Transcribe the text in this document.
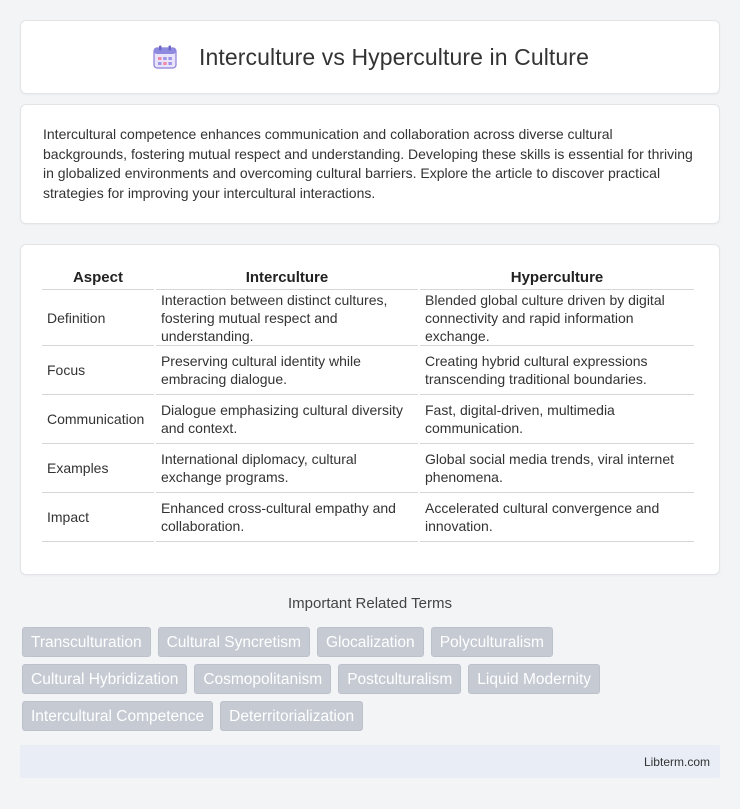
Interculture vs Hyperculture in Culture

Intercultural competence enhances communication and collaboration across diverse cultural backgrounds, fostering mutual respect and understanding. Developing these skills is essential for thriving in globalized environments and overcoming cultural barriers. Explore the article to discover practical strategies for improving your intercultural interactions.

Aspect	Interculture	Hyperculture
Definition	Interaction between distinct cultures, fostering mutual respect and understanding.	Blended global culture driven by digital connectivity and rapid information exchange.
Focus	Preserving cultural identity while embracing dialogue.	Creating hybrid cultural expressions transcending traditional boundaries.
Communication	Dialogue emphasizing cultural diversity and context.	Fast, digital-driven, multimedia communication.
Examples	International diplomacy, cultural exchange programs.	Global social media trends, viral internet phenomena.
Impact	Enhanced cross-cultural empathy and collaboration.	Accelerated cultural convergence and innovation.
Important Related Terms
Transculturation	Cultural Syncretism	Glocalization	Polyculturalism
Cultural Hybridization	Cosmopolitanism	Postculturalism	Liquid Modernity
Intercultural Competence	Deterritorialization
Libterm.com
